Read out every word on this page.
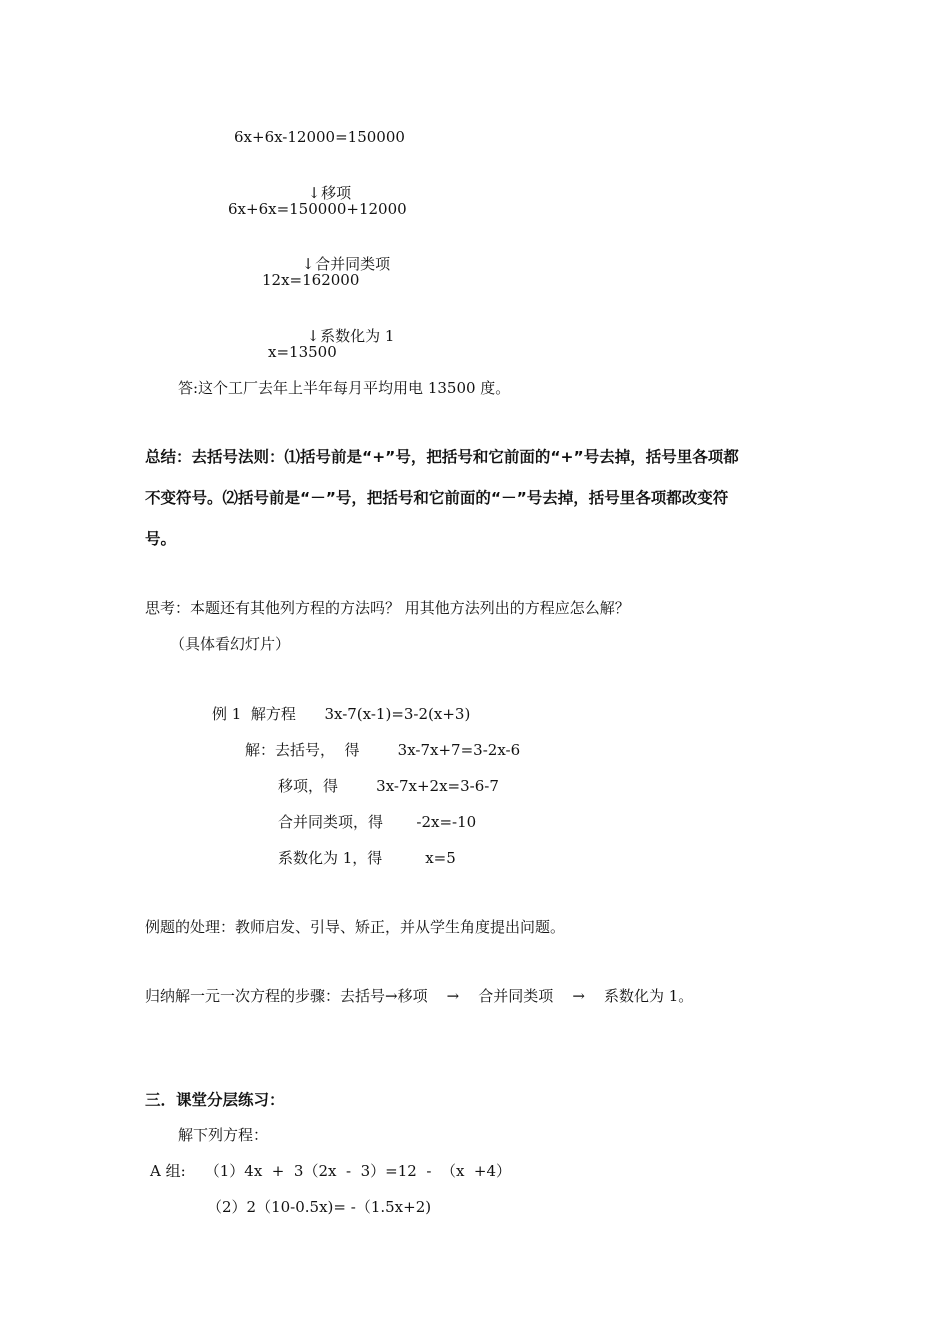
6x+6x-12000=150000

↓移项

6x+6x=150000+12000

↓合并同类项

12x=162000

↓系数化为 1

x=13500
答:这个工厂去年上半年每月平均用电 13500 度。
总结：去括号法则：⑴括号前是“+”号，把括号和它前面的“+”号去掉，括号里各项都
不变符号。⑵括号前是“－”号，把括号和它前面的“－”号去掉，括号里各项都改变符
号。
思考：本题还有其他列方程的方法吗？ 用其他方法列出的方程应怎么解？
（具体看幻灯片）
例 1  解方程      3x-7(x-1)=3-2(x+3)
解：去括号，  得        3x-7x+7=3-2x-6
移项，得        3x-7x+2x=3-6-7
合并同类项，得       -2x=-10
系数化为 1，得         x=5
例题的处理：教师启发、引导、矫正，并从学生角度提出问题。
归纳解一元一次方程的步骤：去括号→移项    →    合并同类项    →    系数化为 1。
三．课堂分层练习：
解下列方程：
A 组:    （1）4x  +  3（2x  -  3）=12  -  （x  +4）
（2）2（10-0.5x)= -（1.5x+2)
